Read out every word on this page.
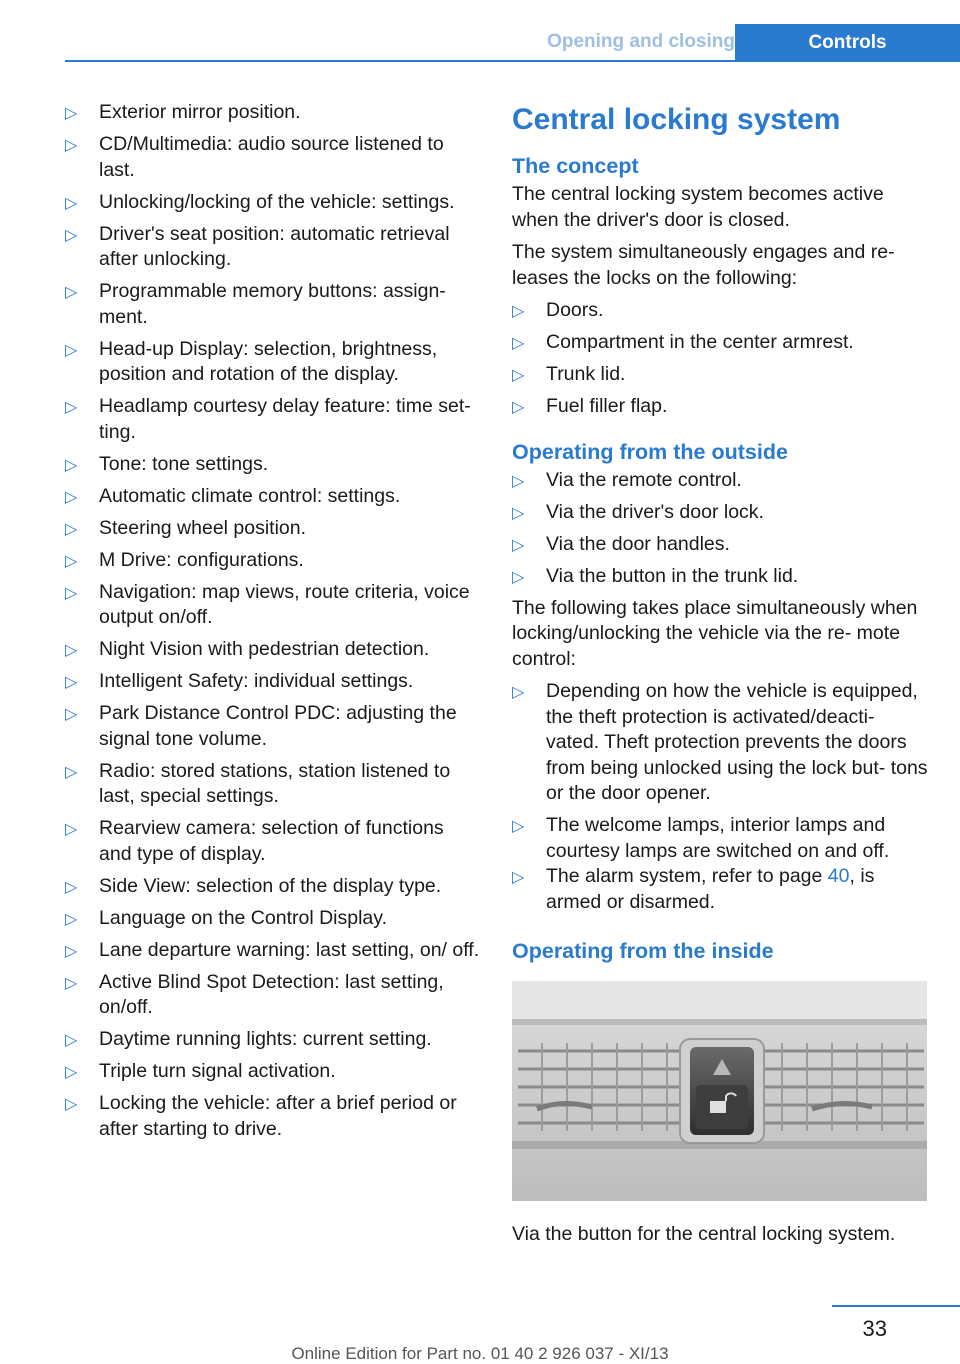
Opening and closing	Controls
▷ Exterior mirror position.
▷ CD/Multimedia: audio source listened to last.
▷ Unlocking/locking of the vehicle: settings.
▷ Driver's seat position: automatic retrieval after unlocking.
▷ Programmable memory buttons: assign‐ ment.
▷ Head-up Display: selection, brightness, position and rotation of the display.
▷ Headlamp courtesy delay feature: time set‐ ting.
▷ Tone: tone settings.
▷ Automatic climate control: settings.
▷ Steering wheel position.
▷ M Drive: configurations.
▷ Navigation: map views, route criteria, voice output on/off.
▷ Night Vision with pedestrian detection.
▷ Intelligent Safety: individual settings.
▷ Park Distance Control PDC: adjusting the signal tone volume.
▷ Radio: stored stations, station listened to last, special settings.
▷ Rearview camera: selection of functions and type of display.
▷ Side View: selection of the display type.
▷ Language on the Control Display.
▷ Lane departure warning: last setting, on/ off.
▷ Active Blind Spot Detection: last setting, on/off.
▷ Daytime running lights: current setting.
▷ Triple turn signal activation.
▷ Locking the vehicle: after a brief period or after starting to drive.
Central locking system
The concept

The central locking system becomes active when the driver's door is closed.

The system simultaneously engages and re‐ leases the locks on the following:

▷ Doors.
▷ Compartment in the center armrest.
▷ Trunk lid.
▷ Fuel filler flap.
Operating from the outside
▷ Via the remote control.
▷ Via the driver's door lock.
▷ Via the door handles.
▷ Via the button in the trunk lid.

The following takes place simultaneously when locking/unlocking the vehicle via the re‐ mote control:

▷ Depending on how the vehicle is equipped, the theft protection is activated/deacti‐ vated. Theft protection prevents the doors from being unlocked using the lock but‐ tons or the door opener.
▷ The welcome lamps, interior lamps and courtesy lamps are switched on and off.
▷ The alarm system, refer to page 40, is armed or disarmed.
Operating from the inside
Via the button for the central locking system.
33
Online Edition for Part no. 01 40 2 926 037 - XI/13
